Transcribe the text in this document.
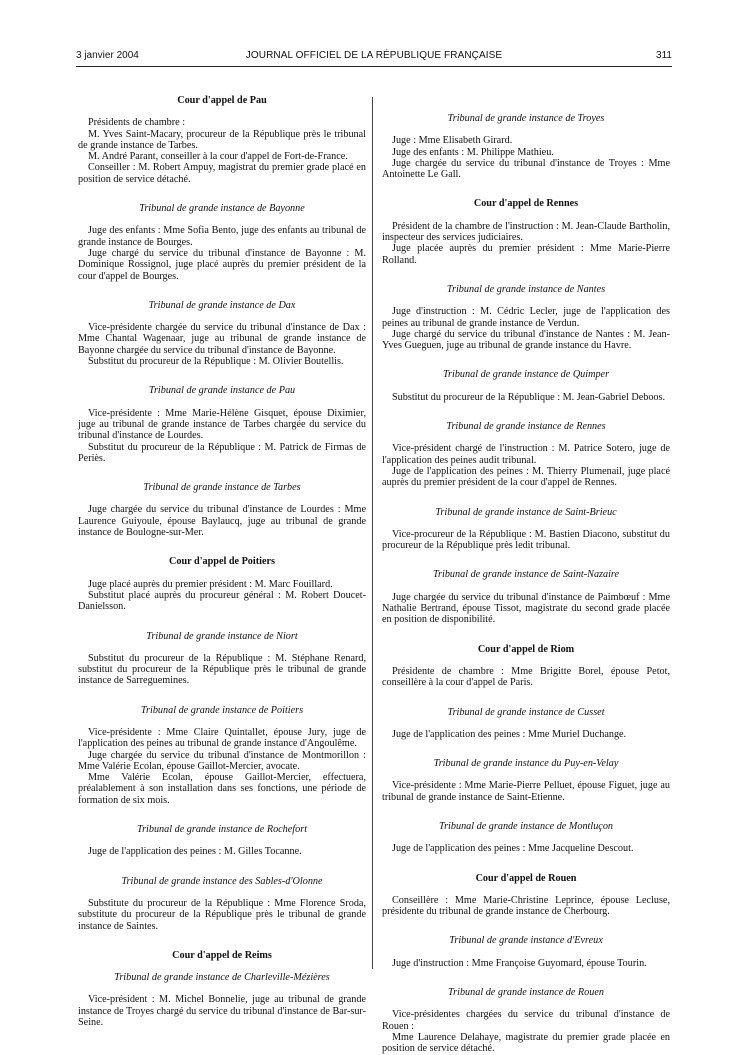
3 janvier 2004	JOURNAL OFFICIEL DE LA RÉPUBLIQUE FRANÇAISE	311
Cour d'appel de Pau
Présidents de chambre :
M. Yves Saint-Macary, procureur de la République près le tribunal de grande instance de Tarbes.
M. André Parant, conseiller à la cour d'appel de Fort-de-France.
Conseiller : M. Robert Ampuy, magistrat du premier grade placé en position de service détaché.
Tribunal de grande instance de Bayonne
Juge des enfants : Mme Sofia Bento, juge des enfants au tribunal de grande instance de Bourges.
Juge chargé du service du tribunal d'instance de Bayonne : M. Dominique Rossignol, juge placé auprès du premier président de la cour d'appel de Bourges.
Tribunal de grande instance de Dax
Vice-présidente chargée du service du tribunal d'instance de Dax : Mme Chantal Wagenaar, juge au tribunal de grande instance de Bayonne chargée du service du tribunal d'instance de Bayonne.
Substitut du procureur de la République : M. Olivier Boutellis.
Tribunal de grande instance de Pau
Vice-présidente : Mme Marie-Hélène Gisquet, épouse Diximier, juge au tribunal de grande instance de Tarbes chargée du service du tribunal d'instance de Lourdes.
Substitut du procureur de la République : M. Patrick de Firmas de Periès.
Tribunal de grande instance de Tarbes
Juge chargée du service du tribunal d'instance de Lourdes : Mme Laurence Guiyoule, épouse Baylaucq, juge au tribunal de grande instance de Boulogne-sur-Mer.
Cour d'appel de Poitiers
Juge placé auprès du premier président : M. Marc Fouillard.
Substitut placé auprès du procureur général : M. Robert Doucet-Danielsson.
Tribunal de grande instance de Niort
Substitut du procureur de la République : M. Stéphane Renard, substitut du procureur de la République près le tribunal de grande instance de Sarreguemines.
Tribunal de grande instance de Poitiers
Vice-présidente : Mme Claire Quintallet, épouse Jury, juge de l'application des peines au tribunal de grande instance d'Angoulême.
Juge chargée du service du tribunal d'instance de Montmorillon : Mme Valérie Ecolan, épouse Gaillot-Mercier, avocate.
Mme Valérie Ecolan, épouse Gaillot-Mercier, effectuera, préalablement à son installation dans ses fonctions, une période de formation de six mois.
Tribunal de grande instance de Rochefort
Juge de l'application des peines : M. Gilles Tocanne.
Tribunal de grande instance des Sables-d'Olonne
Substitute du procureur de la République : Mme Florence Sroda, substitute du procureur de la République près le tribunal de grande instance de Saintes.
Cour d'appel de Reims
Tribunal de grande instance de Charleville-Mézières
Vice-président : M. Michel Bonnelie, juge au tribunal de grande instance de Troyes chargé du service du tribunal d'instance de Bar-sur-Seine.
Tribunal de grande instance de Troyes
Juge : Mme Elisabeth Girard.
Juge des enfants : M. Philippe Mathieu.
Juge chargée du service du tribunal d'instance de Troyes : Mme Antoinette Le Gall.
Cour d'appel de Rennes
Président de la chambre de l'instruction : M. Jean-Claude Bartholin, inspecteur des services judiciaires.
Juge placée auprès du premier président : Mme Marie-Pierre Rolland.
Tribunal de grande instance de Nantes
Juge d'instruction : M. Cédric Lecler, juge de l'application des peines au tribunal de grande instance de Verdun.
Juge chargé du service du tribunal d'instance de Nantes : M. Jean-Yves Gueguen, juge au tribunal de grande instance du Havre.
Tribunal de grande instance de Quimper
Substitut du procureur de la République : M. Jean-Gabriel Deboos.
Tribunal de grande instance de Rennes
Vice-président chargé de l'instruction : M. Patrice Sotero, juge de l'application des peines audit tribunal.
Juge de l'application des peines : M. Thierry Plumenail, juge placé auprès du premier président de la cour d'appel de Rennes.
Tribunal de grande instance de Saint-Brieuc
Vice-procureur de la République : M. Bastien Diacono, substitut du procureur de la République près ledit tribunal.
Tribunal de grande instance de Saint-Nazaire
Juge chargée du service du tribunal d'instance de Paimbœuf : Mme Nathalie Bertrand, épouse Tissot, magistrate du second grade placée en position de disponibilité.
Cour d'appel de Riom
Présidente de chambre : Mme Brigitte Borel, épouse Petot, conseillère à la cour d'appel de Paris.
Tribunal de grande instance de Cusset
Juge de l'application des peines : Mme Muriel Duchange.
Tribunal de grande instance du Puy-en-Velay
Vice-présidente : Mme Marie-Pierre Pelluet, épouse Figuet, juge au tribunal de grande instance de Saint-Etienne.
Tribunal de grande instance de Montluçon
Juge de l'application des peines : Mme Jacqueline Descout.
Cour d'appel de Rouen
Conseillère : Mme Marie-Christine Leprince, épouse Lecluse, présidente du tribunal de grande instance de Cherbourg.
Tribunal de grande instance d'Evreux
Juge d'instruction : Mme Françoise Guyomard, épouse Tourin.
Tribunal de grande instance de Rouen
Vice-présidentes chargées du service du tribunal d'instance de Rouen :
Mme Laurence Delahaye, magistrate du premier grade placée en position de service détaché.
